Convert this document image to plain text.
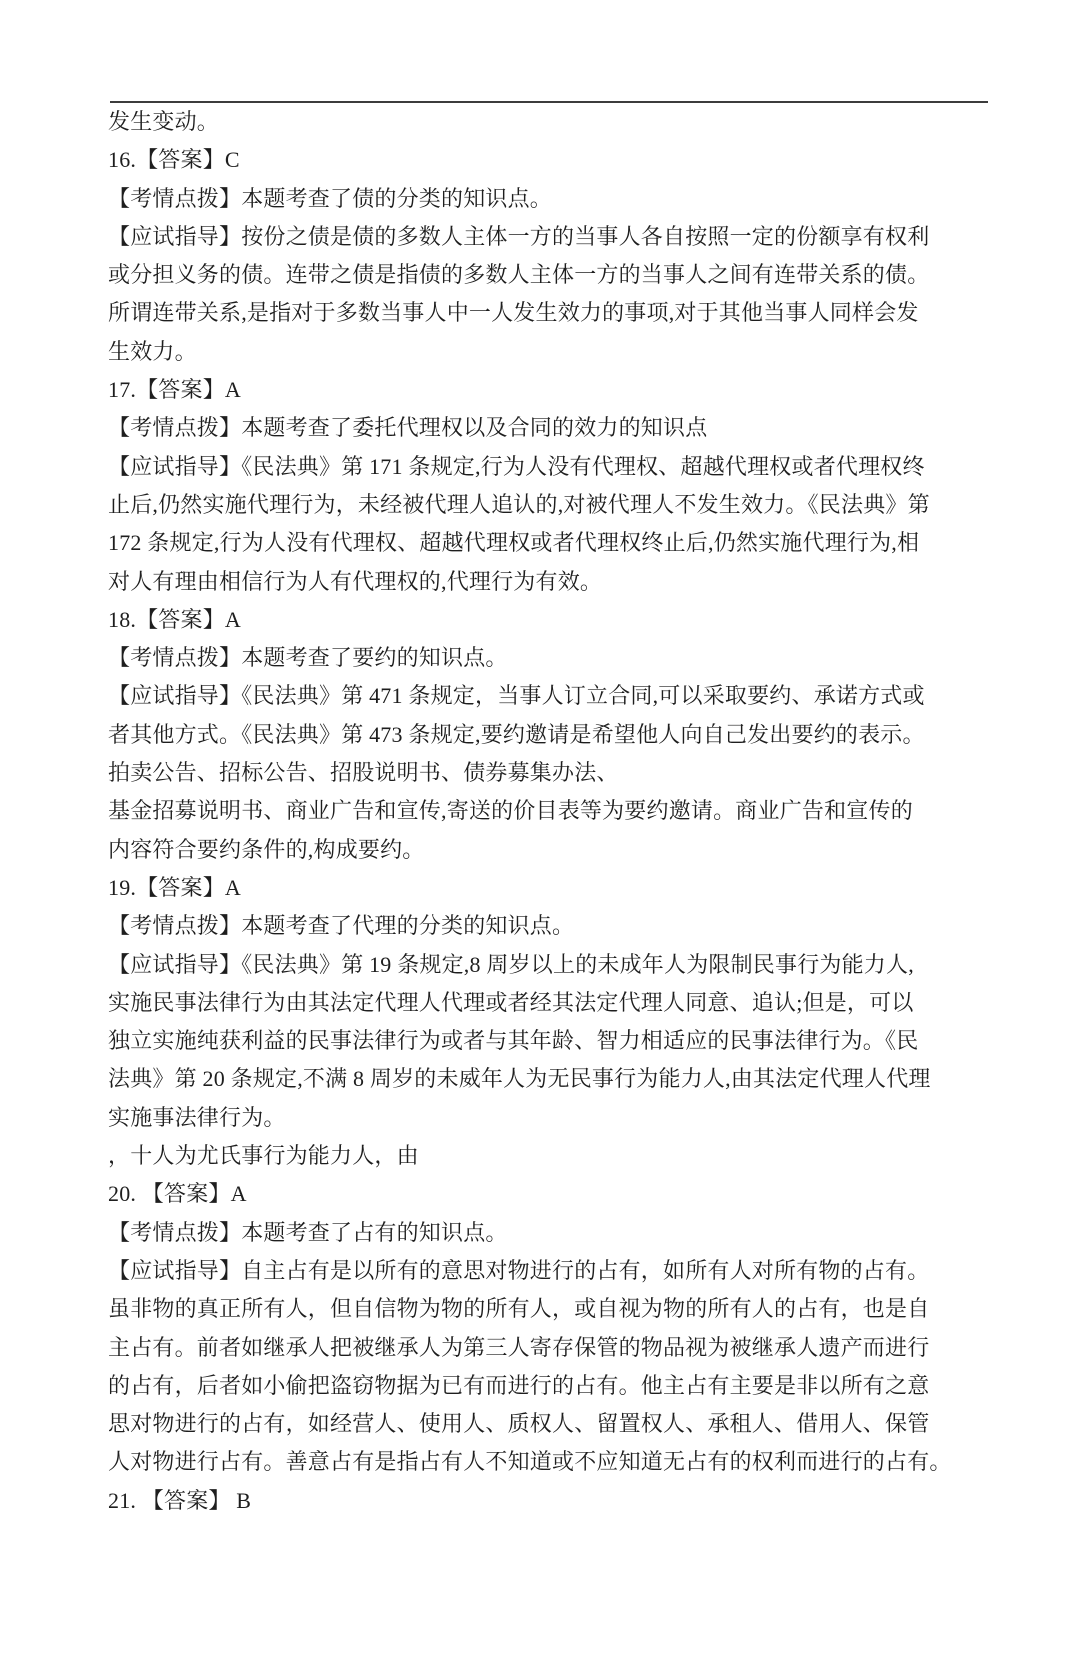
发生变动。
16.【答案】C
【考情点拨】本题考查了债的分类的知识点。
【应试指导】按份之债是债的多数人主体一方的当事人各自按照一定的份额享有权利
或分担义务的债。连带之债是指债的多数人主体一方的当事人之间有连带关系的债。
所谓连带关系,是指对于多数当事人中一人发生效力的事项,对于其他当事人同样会发
生效力。
17.【答案】A
【考情点拨】本题考查了委托代理权以及合同的效力的知识点
【应试指导】《民法典》第 171 条规定,行为人没有代理权、超越代理权或者代理权终
止后,仍然实施代理行为，未经被代理人追认的,对被代理人不发生效力。《民法典》第
172 条规定,行为人没有代理权、超越代理权或者代理权终止后,仍然实施代理行为,相
对人有理由相信行为人有代理权的,代理行为有效。
18.【答案】A
【考情点拨】本题考查了要约的知识点。
【应试指导】《民法典》第 471 条规定，当事人订立合同,可以采取要约、承诺方式或
者其他方式。《民法典》第 473 条规定,要约邀请是希望他人向自己发出要约的表示。
拍卖公告、招标公告、招股说明书、债券募集办法、
基金招募说明书、商业广告和宣传,寄送的价目表等为要约邀请。商业广告和宣传的
内容符合要约条件的,构成要约。
19.【答案】A
【考情点拨】本题考查了代理的分类的知识点。
【应试指导】《民法典》第 19 条规定,8 周岁以上的未成年人为限制民事行为能力人,
实施民事法律行为由其法定代理人代理或者经其法定代理人同意、追认;但是，可以
独立实施纯获利益的民事法律行为或者与其年龄、智力相适应的民事法律行为。《民
法典》第 20 条规定,不满 8 周岁的未威年人为无民事行为能力人,由其法定代理人代理
实施事法律行为。
，十人为尤氏事行为能力人，由
20. 【答案】A
【考情点拨】本题考查了占有的知识点。
【应试指导】自主占有是以所有的意思对物进行的占有，如所有人对所有物的占有。
虽非物的真正所有人，但自信物为物的所有人，或自视为物的所有人的占有，也是自
主占有。前者如继承人把被继承人为第三人寄存保管的物品视为被继承人遗产而进行
的占有，后者如小偷把盗窃物据为已有而进行的占有。他主占有主要是非以所有之意
思对物进行的占有，如经营人、使用人、质权人、留置权人、承租人、借用人、保管
人对物进行占有。善意占有是指占有人不知道或不应知道无占有的权利而进行的占有。
21. 【答案】 B
